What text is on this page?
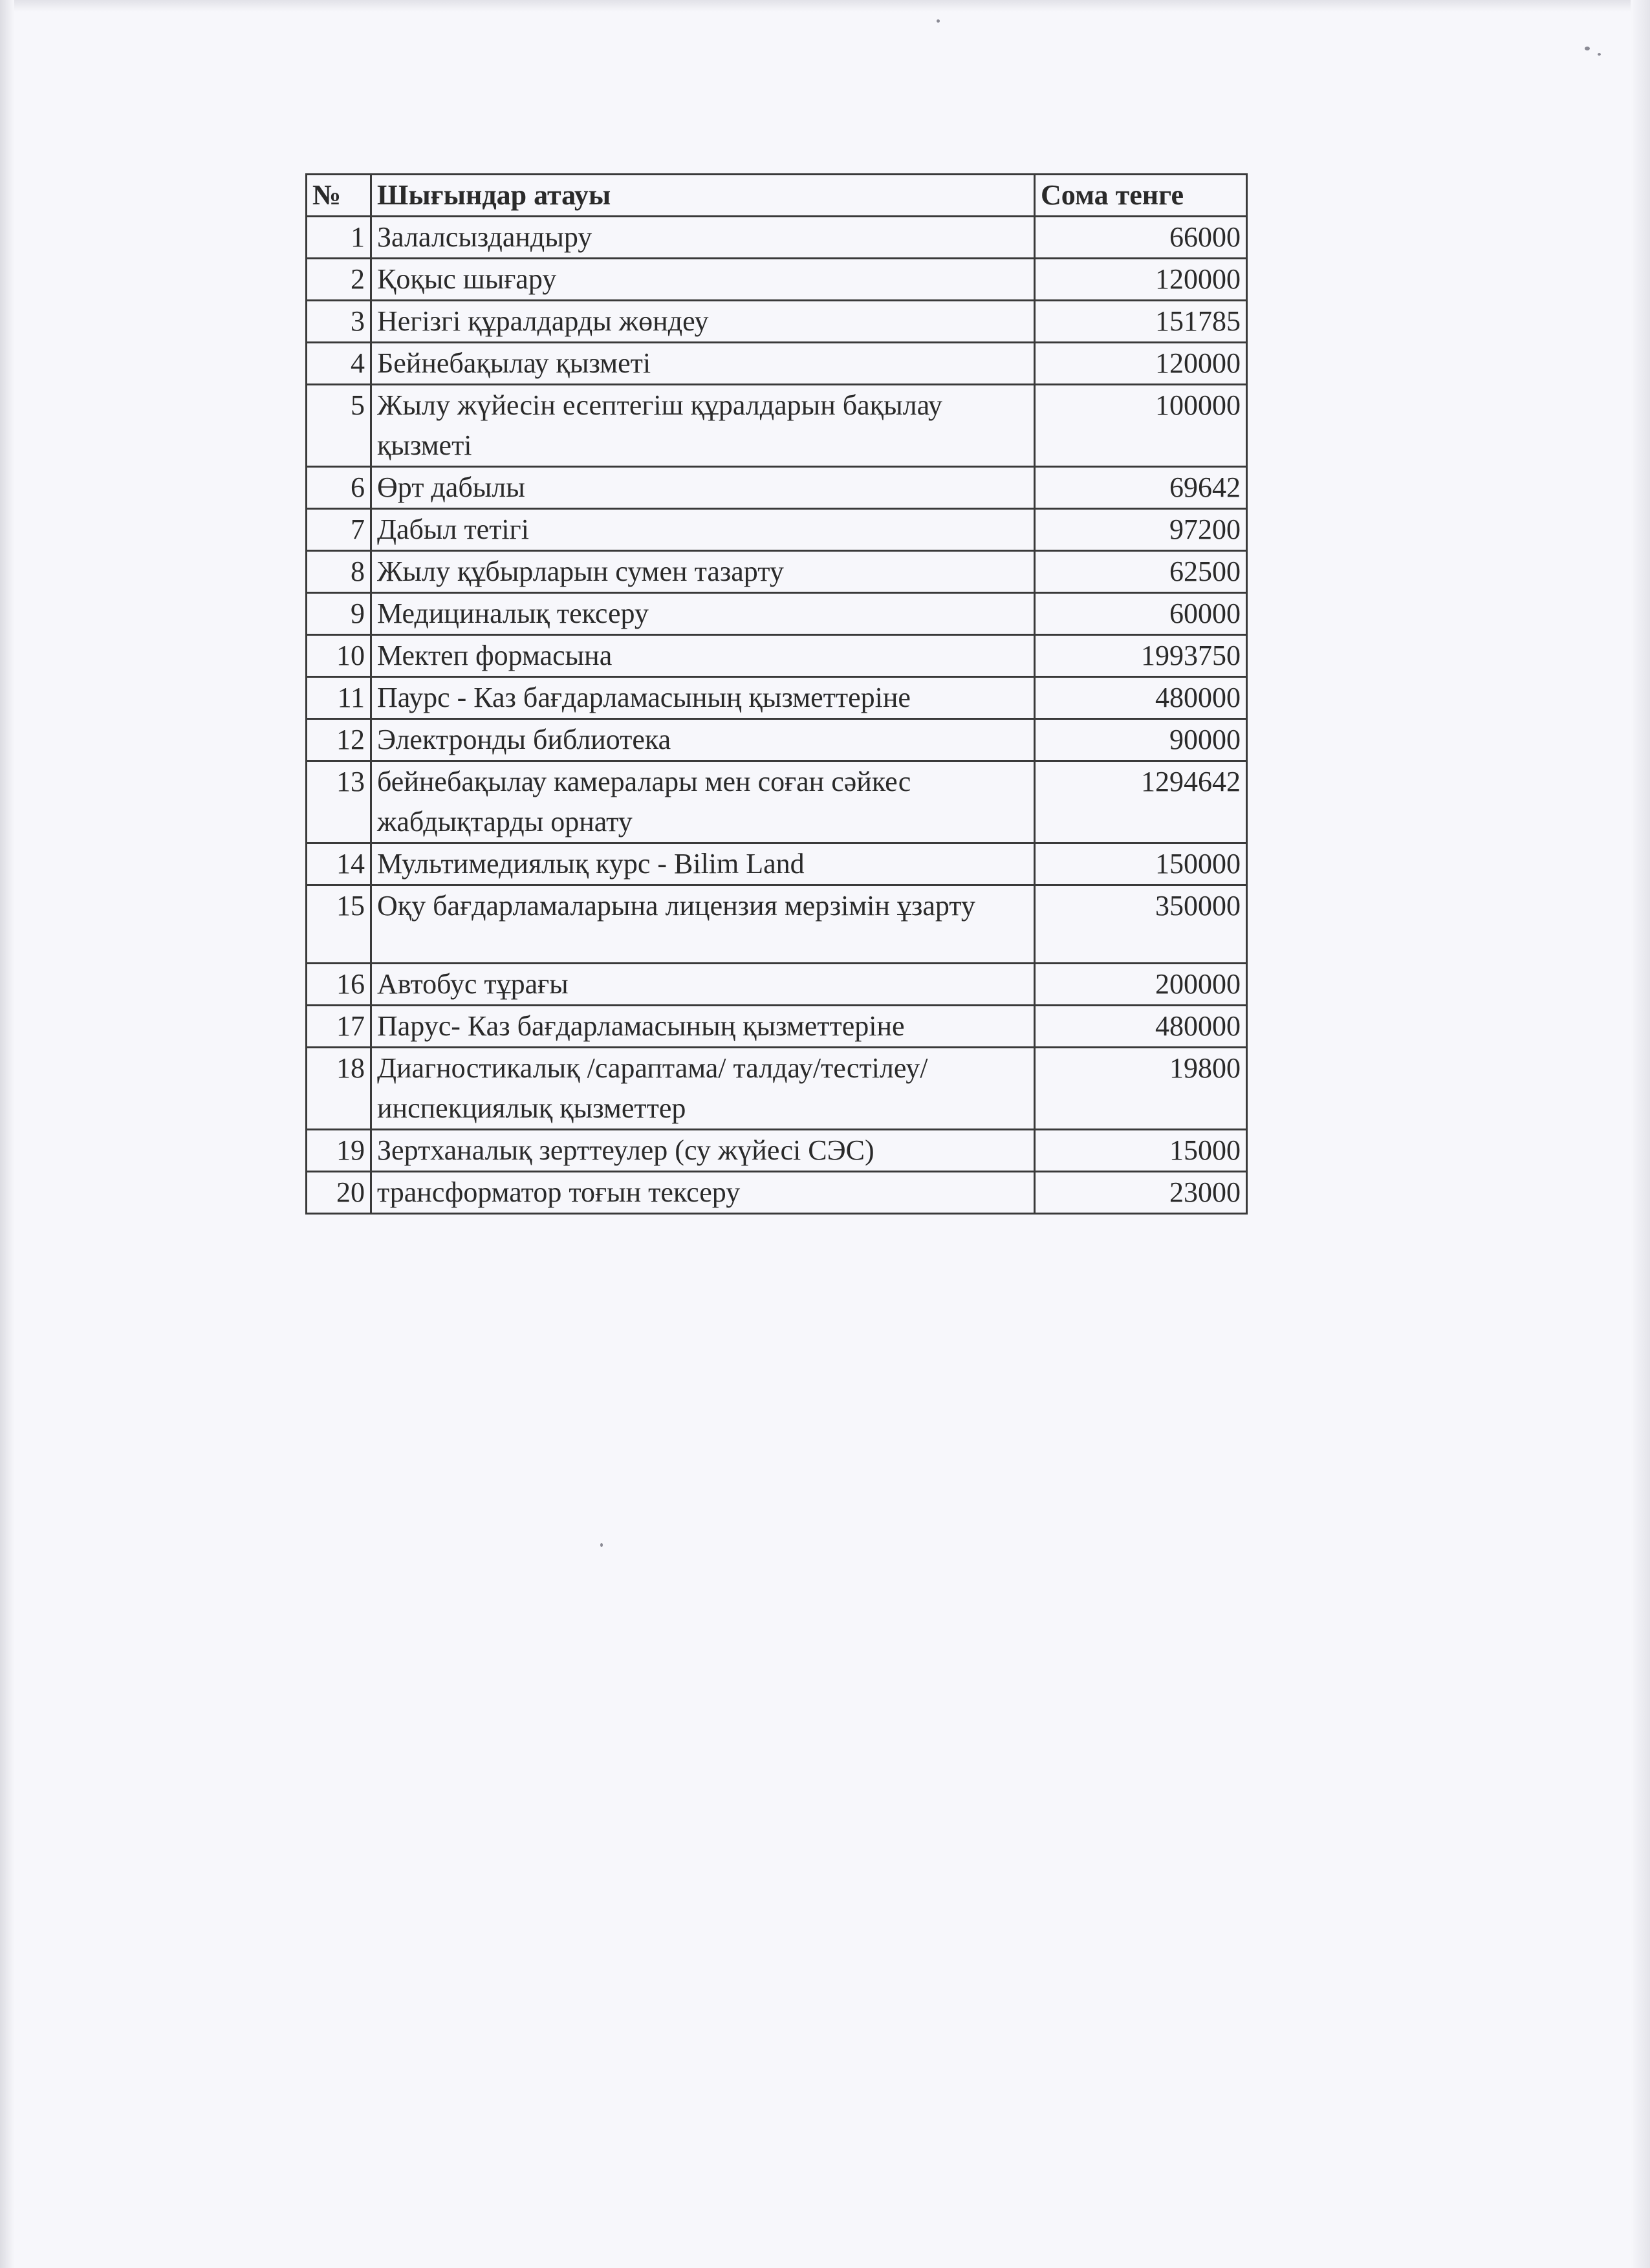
№	Шығындар атауы	Сома тенге
1	Залалсыздандыру	66000
2	Қоқыс шығару	120000
3	Негізгі құралдарды жөндеу	151785
4	Бейнебақылау қызметі	120000
5	Жылу жүйесін есептегіш құралдарын бақылау қызметі	100000
6	Өрт дабылы	69642
7	Дабыл тетігі	97200
8	Жылу құбырларын сумен тазарту	62500
9	Медициналық тексеру	60000
10	Мектеп формасына	1993750
11	Паурс - Каз бағдарламасының қызметтеріне	480000
12	Электронды библиотека	90000
13	бейнебақылау камералары мен соған сәйкес жабдықтарды орнату	1294642
14	Мультимедиялық курс - Bilim Land	150000
15	Оқу бағдарламаларына лицензия мерзімін ұзарту	350000
16	Автобус тұрағы	200000
17	Парус- Каз бағдарламасының қызметтеріне	480000
18	Диагностикалық /сараптама/ талдау/тестілеу/инспекциялық қызметтер	19800
19	Зертханалық зерттеулер (су жүйесі СЭС)	15000
20	трансформатор тоғын тексеру	23000
